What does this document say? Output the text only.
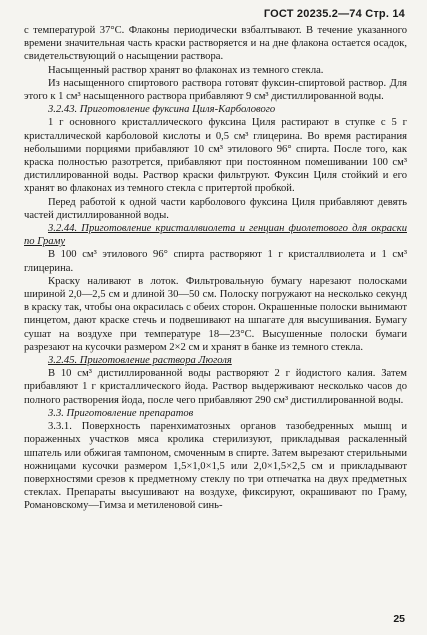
ГОСТ 20235.2—74 Стр. 14

с температурой 37°С. Флаконы периодически взбалтывают. В течение указанного времени значительная часть краски растворяется и на дне флакона остается осадок, свидетельствующий о насыщении раствора.

Насыщенный раствор хранят во флаконах из темного стекла.

Из насыщенного спиртового раствора готовят фуксин-спиртовой раствор. Для этого к 1 см³ насыщенного раствора прибавляют 9 см³ дистиллированной воды.

3.2.43. Приготовление фуксина Циля-Карболового

1 г основного кристаллического фуксина Циля растирают в ступке с 5 г кристаллической карболовой кислоты и 0,5 см³ глицерина. Во время растирания небольшими порциями прибавляют 10 см³ этилового 96° спирта. После того, как краска полностью разотрется, прибавляют при постоянном помешивании 100 см³ дистиллированной воды. Раствор краски фильтруют. Фуксин Циля стойкий и его хранят во флаконах из темного стекла с притертой пробкой.

Перед работой к одной части карболового фуксина Циля прибавляют девять частей дистиллированной воды.

3.2.44. Приготовление кристаллвиолета и генциан фиолетового для окраски по Граму

В 100 см³ этилового 96° спирта растворяют 1 г кристаллвиолета и 1 см³ глицерина.

Краску наливают в лоток. Фильтровальную бумагу нарезают полосками шириной 2,0—2,5 см и длиной 30—50 см. Полоску погружают на несколько секунд в краску так, чтобы она окрасилась с обеих сторон. Окрашенные полоски вынимают пинцетом, дают краске стечь и подвешивают на шпагате для высушивания. Бумагу сушат на воздухе при температуре 18—23°С. Высушенные полоски бумаги разрезают на кусочки размером 2×2 см и хранят в банке из темного стекла.

3.2.45. Приготовление раствора Люголя

В 10 см³ дистиллированной воды растворяют 2 г йодистого калия. Затем прибавляют 1 г кристаллического йода. Раствор выдерживают несколько часов до полного растворения йода, после чего прибавляют 290 см³ дистиллированной воды.

3.3. Приготовление препаратов

3.3.1. Поверхность паренхиматозных органов тазобедренных мышц и пораженных участков мяса кролика стерилизуют, прикладывая раскаленный шпатель или обжигая тампоном, смоченным в спирте. Затем вырезают стерильными ножницами кусочки размером 1,5×1,0×1,5 или 2,0×1,5×2,5 см и прикладывают поверхностями срезов к предметному стеклу по три отпечатка на двух предметных стеклах. Препараты высушивают на воздухе, фиксируют, окрашивают по Граму, Романовскому—Гимза и метиленовой синь-

25
